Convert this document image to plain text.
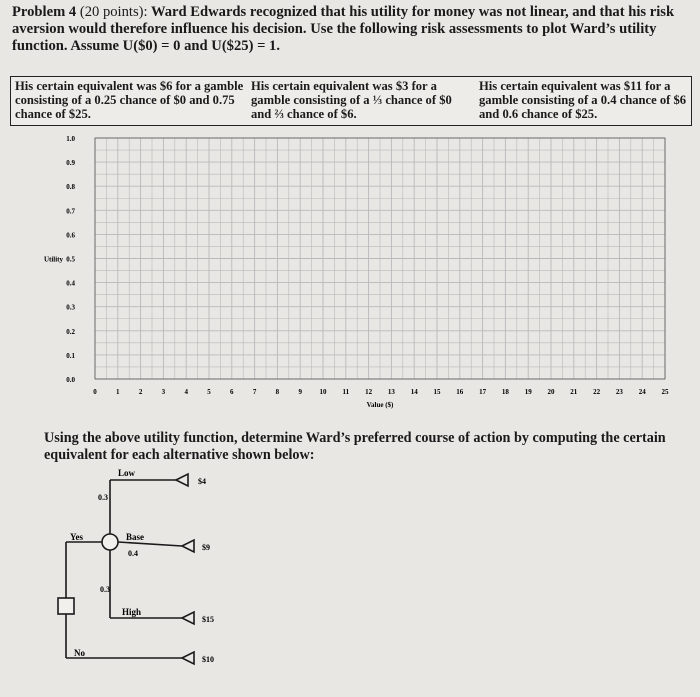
Problem 4 (20 points): Ward Edwards recognized that his utility for money was not linear, and that his risk aversion would therefore influence his decision. Use the following risk assessments to plot Ward’s utility function. Assume U($0) = 0 and U($25) = 1.

His certain equivalent was $6 for a gamble consisting of a 0.25 chance of $0 and 0.75 chance of $25.
His certain equivalent was $3 for a gamble consisting of a ⅓ chance of $0 and ⅔ chance of $6.
His certain equivalent was $11 for a gamble consisting of a 0.4 chance of $6 and 0.6 chance of $25.
0.0
0.1
0.2
0.3
0.4
0.5
0.6
0.7
0.8
0.9
1.0
0	1	2	3	4	5	6	7	8	9	10 11 12 13 14 15 16 17 18 19 20 21 22 23 24 25
Utility
Value ($)
Using the above utility function, determine Ward’s preferred course of action by computing the certain equivalent for each alternative shown below:
Yes
No
Low
Base
High
0.3
0.4
0.3
$4
$9
$15
$10
